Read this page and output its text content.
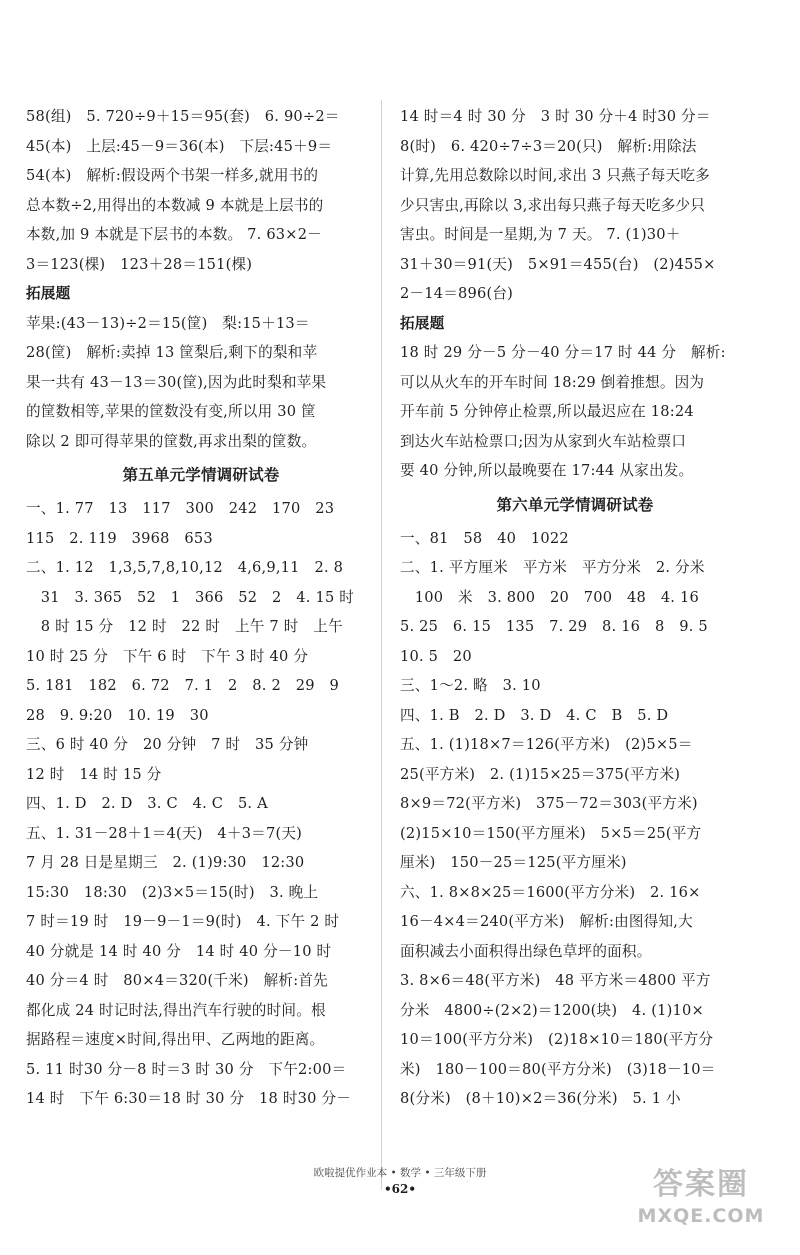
58(组)　5. 720÷9＋15＝95(套)　6. 90÷2＝
45(本)　上层:45－9＝36(本)　下层:45＋9＝
54(本)　解析:假设两个书架一样多,就用书的
总本数÷2,用得出的本数减 9 本就是上层书的
本数,加 9 本就是下层书的本数。 7. 63×2－
3＝123(棵)　123＋28＝151(棵)
拓展题
苹果:(43－13)÷2＝15(筐)　梨:15＋13＝
28(筐)　解析:卖掉 13 筐梨后,剩下的梨和苹
果一共有 43－13＝30(筐),因为此时梨和苹果
的筐数相等,苹果的筐数没有变,所以用 30 筐
除以 2 即可得苹果的筐数,再求出梨的筐数。
第五单元学情调研试卷
一、1. 77　13　117　300　242　170　23
115　2. 119　3968　653
二、1. 12　1,3,5,7,8,10,12　4,6,9,11　2. 8
　31　3. 365　52　1　366　52　2　4. 15 时
　8 时 15 分　12 时　22 时　上午 7 时　上午
10 时 25 分　下午 6 时　下午 3 时 40 分
5. 181　182　6. 72　7. 1　2　8. 2　29　9
28　9. 9:20　10. 19　30
三、6 时 40 分　20 分钟　7 时　35 分钟
12 时　14 时 15 分
四、1. D　2. D　3. C　4. C　5. A
五、1. 31－28＋1＝4(天)　4＋3＝7(天)
7 月 28 日是星期三　2. (1)9:30　12:30
15:30　18:30　(2)3×5＝15(时)　3. 晚上
7 时＝19 时　19－9－1＝9(时)　4. 下午 2 时
40 分就是 14 时 40 分　14 时 40 分－10 时
40 分＝4 时　80×4＝320(千米)　解析:首先
都化成 24 时记时法,得出汽车行驶的时间。根
据路程＝速度×时间,得出甲、乙两地的距离。
5. 11 时30 分－8 时＝3 时 30 分　下午2:00＝
14 时　下午 6:30＝18 时 30 分　18 时30 分－
14 时＝4 时 30 分　3 时 30 分＋4 时30 分＝
8(时)　6. 420÷7÷3＝20(只)　解析:用除法
计算,先用总数除以时间,求出 3 只燕子每天吃多
少只害虫,再除以 3,求出每只燕子每天吃多少只
害虫。时间是一星期,为 7 天。 7. (1)30＋
31＋30＝91(天)　5×91＝455(台)　(2)455×
2－14＝896(台)
拓展题
18 时 29 分－5 分－40 分＝17 时 44 分　解析:
可以从火车的开车时间 18:29 倒着推想。因为
开车前 5 分钟停止检票,所以最迟应在 18:24
到达火车站检票口;因为从家到火车站检票口
要 40 分钟,所以最晚要在 17:44 从家出发。
第六单元学情调研试卷
一、81　58　40　1022
二、1. 平方厘米　平方米　平方分米　2. 分米
　100　米　3. 800　20　700　48　4. 16
5. 25　6. 15　135　7. 29　8. 16　8　9. 5
10. 5　20
三、1～2. 略　3. 10
四、1. B　2. D　3. D　4. C　B　5. D
五、1. (1)18×7＝126(平方米)　(2)5×5＝
25(平方米)　2. (1)15×25＝375(平方米)
8×9＝72(平方米)　375－72＝303(平方米)
(2)15×10＝150(平方厘米)　5×5＝25(平方
厘米)　150－25＝125(平方厘米)
六、1. 8×8×25＝1600(平方分米)　2. 16×
16－4×4＝240(平方米)　解析:由图得知,大
面积减去小面积得出绿色草坪的面积。
3. 8×6＝48(平方米)　48 平方米＝4800 平方
分米　4800÷(2×2)＝1200(块)　4. (1)10×
10＝100(平方分米)　(2)18×10＝180(平方分
米)　180－100＝80(平方分米)　(3)18－10＝
8(分米)　(8＋10)×2＝36(分米)　5. 1 小
欧啦提优作业本 • 数学 • 三年级下册
•62•	答案圈
MXQE.COM
